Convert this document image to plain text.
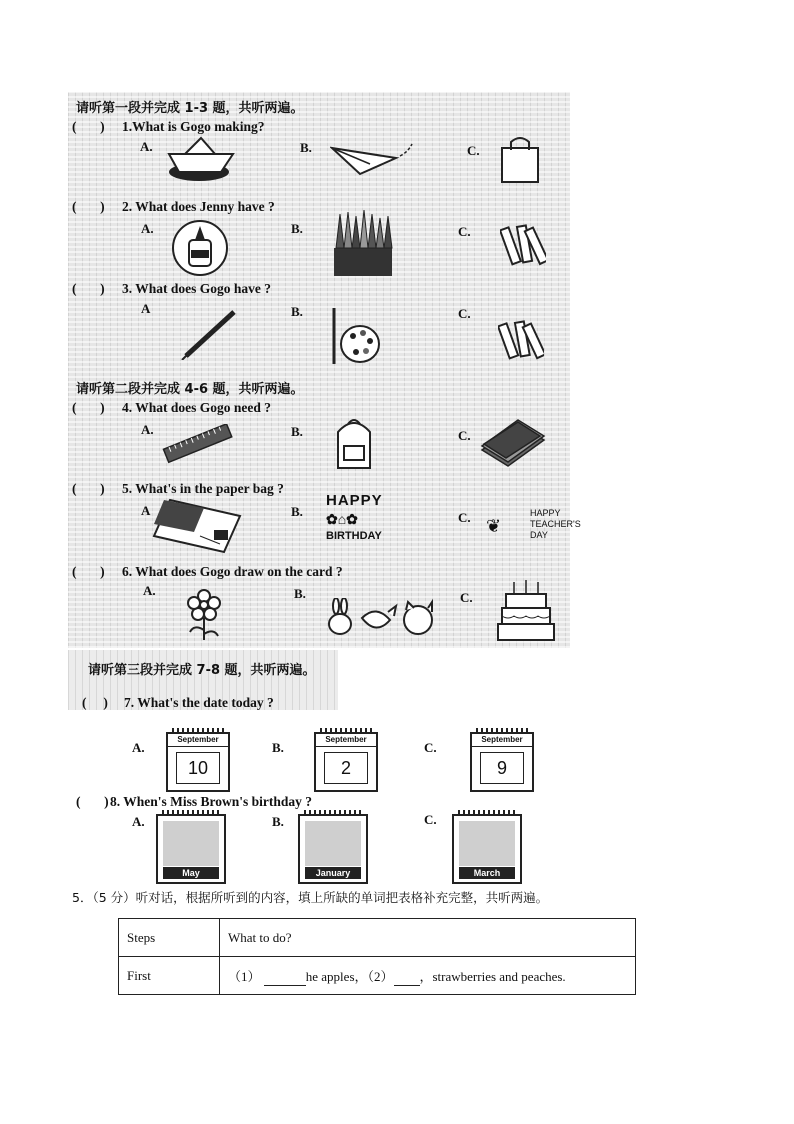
请听第一段并完成 1-3 题，共听两遍。
( ) 1.What is Gogo making?
A.	B.	C.
( ) 2. What does Jenny have ?
A.	B.	C.
( ) 3. What does Gogo have ?
A	B.	C.
请听第二段并完成 4-6 题，共听两遍。
( ) 4. What does Gogo need ?
A.	B.	C.
( ) 5. What's in the paper bag ?
A	B.	C.
HAPPY
✿⌂✿
BIRTHDAY	❦
HAPPY
TEACHER'S
DAY
( ) 6. What does Gogo draw on the card ?
A.	B.	C.
请听第三段并完成 7-8 题，共听两遍。
( ) 7. What's the date today ?
A.
September
10
B.
September
2
C.
September
9
( ) 8. When's Miss Brown's birthday ?
A.
May
B.
January
C.
March
5．（5 分）听对话，根据所听到的内容，填上所缺的单词把表格补充完整，共听两遍。
Steps	What to do?
First	（1） he apples，（2） ，strawberries and peaches.
